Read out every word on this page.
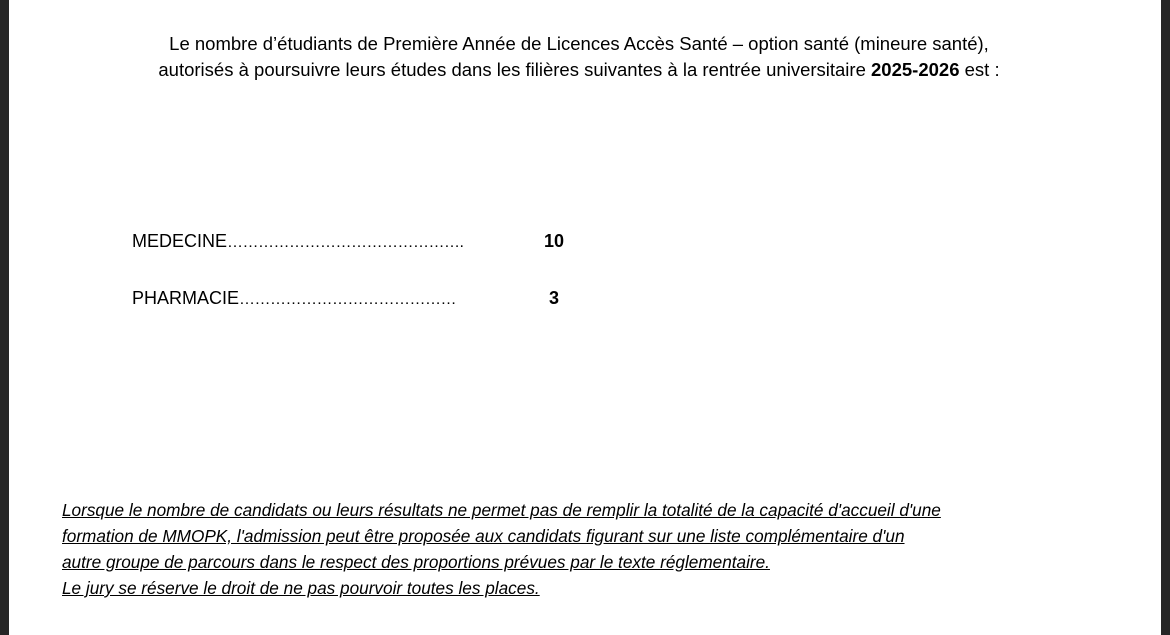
Le nombre d’étudiants de Première Année de Licences Accès Santé – option santé (mineure santé),
autorisés à poursuivre leurs études dans les filières suivantes à la rentrée universitaire 2025-2026 est :
MEDECINE……………………………………….	10
PHARMACIE……………………………………	3
Lorsque le nombre de candidats ou leurs résultats ne permet pas de remplir la totalité de la capacité d'accueil d'une
formation de MMOPK, l'admission peut être proposée aux candidats figurant sur une liste complémentaire d'un
autre groupe de parcours dans le respect des proportions prévues par le texte réglementaire.
Le jury se réserve le droit de ne pas pourvoir toutes les places.
